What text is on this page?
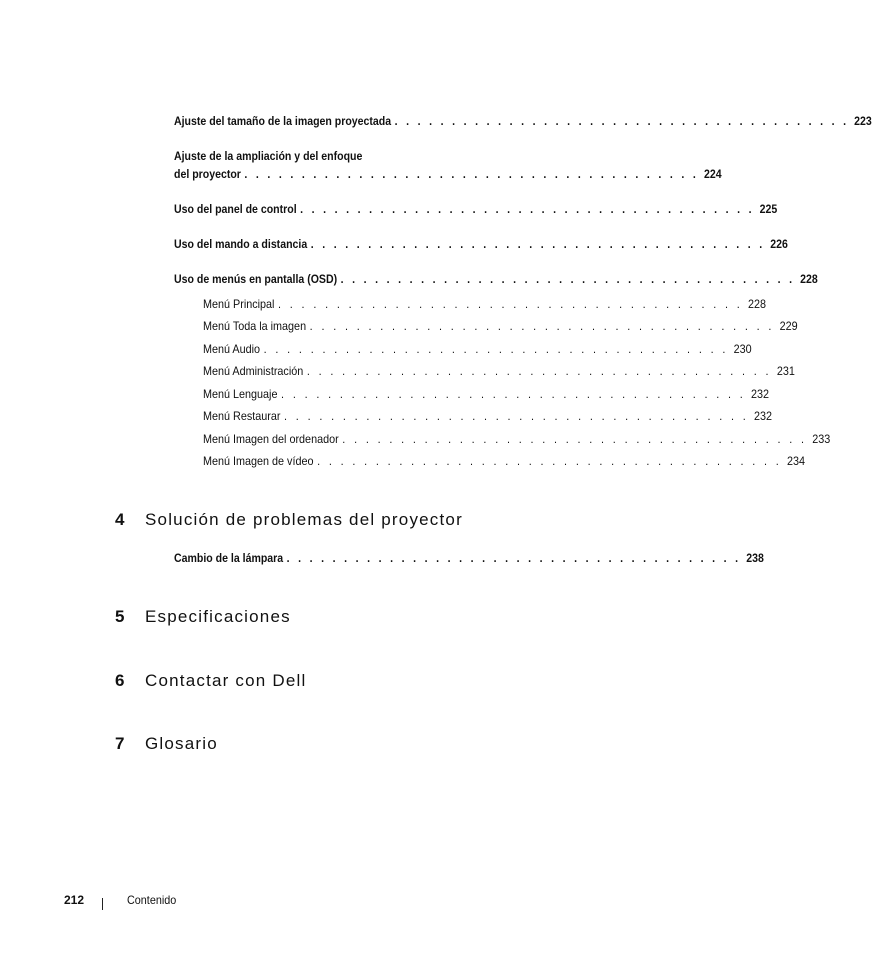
Ajuste del tamaño de la imagen proyectada . . . . . . . . . . . . . . . . . . . . . . . . . . . . . . . . . . . . . . . . 223
Ajuste de la ampliación y del enfoque
del proyector . . . . . . . . . . . . . . . . . . . . . . . . . . . . . . . . . . . . . . . . 224
Uso del panel de control . . . . . . . . . . . . . . . . . . . . . . . . . . . . . . . . . . . . . . . . 225
Uso del mando a distancia . . . . . . . . . . . . . . . . . . . . . . . . . . . . . . . . . . . . . . . . 226
Uso de menús en pantalla (OSD) . . . . . . . . . . . . . . . . . . . . . . . . . . . . . . . . . . . . . . . . 228
Menú Principal . . . . . . . . . . . . . . . . . . . . . . . . . . . . . . . . . . . . . . . . 228
Menú Toda la imagen . . . . . . . . . . . . . . . . . . . . . . . . . . . . . . . . . . . . . . . . 229
Menú Audio . . . . . . . . . . . . . . . . . . . . . . . . . . . . . . . . . . . . . . . . 230
Menú Administración . . . . . . . . . . . . . . . . . . . . . . . . . . . . . . . . . . . . . . . . 231
Menú Lenguaje . . . . . . . . . . . . . . . . . . . . . . . . . . . . . . . . . . . . . . . . 232
Menú Restaurar . . . . . . . . . . . . . . . . . . . . . . . . . . . . . . . . . . . . . . . . 232
Menú Imagen del ordenador . . . . . . . . . . . . . . . . . . . . . . . . . . . . . . . . . . . . . . . . 233
Menú Imagen de vídeo . . . . . . . . . . . . . . . . . . . . . . . . . . . . . . . . . . . . . . . . 234
4 Solución de problemas del proyector
Cambio de la lámpara . . . . . . . . . . . . . . . . . . . . . . . . . . . . . . . . . . . . . . . . 238
5 Especificaciones
6 Contactar con Dell
7 Glosario
212	Contenido
